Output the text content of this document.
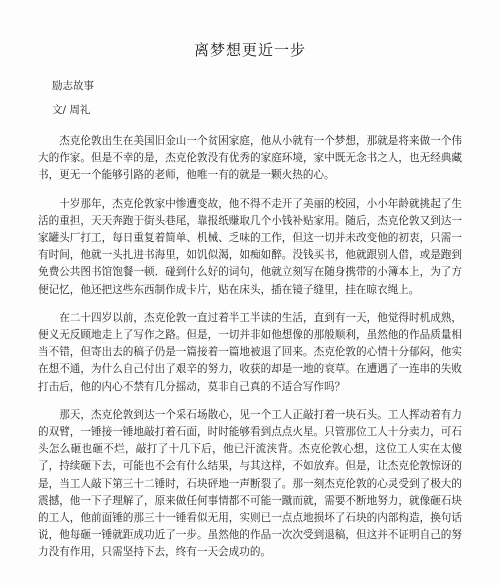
离梦想更近一步
励志故事
文/ 周礼

杰克伦敦出生在美国旧金山一个贫困家庭，他从小就有一个梦想，那就是将来做一个伟大的作家。但是不幸的是，杰克伦敦没有优秀的家庭环境，家中既无念书之人，也无经典藏书，更无一个能够引路的老师，他唯一有的就是一颗火热的心。

十岁那年，杰克伦敦家中惨遭变故，他不得不走开了美丽的校园，小小年龄就挑起了生活的重担，天天奔跑于街头巷尾，靠报纸赚取几个小钱补贴家用。随后，杰克伦敦又到达一家罐头厂打工，每日重复着简单、机械、乏味的工作，但这一切并未改变他的初衷，只需一有时间，他就一头扎进书海里，如饥似渴，如痴如醉。没钱买书，他就跟别人借，或是跑到免费公共图书馆饱餐一顿．碰到什么好的词句，他就立刻写在随身携带的小簿本上，为了方便记忆，他还把这些东西制作成卡片，贴在床头，插在镜子缝里，挂在晾衣绳上。

在二十四岁以前，杰克伦敦一直过着半工半读的生活，直到有一天，他觉得时机成熟，便义无反顾地走上了写作之路。但是，一切并非如他想像的那般顺利，虽然他的作品质量相当不错，但寄出去的稿子仍是一篇接着一篇地被退了回来。杰克伦敦的心情十分郁闷，他实在想不通，为什么自己付出了艰辛的努力，收获的却是一地的衰草。在遭遇了一连串的失败打击后，他的内心不禁有几分摇动，莫非自己真的不适合写作吗？

那天，杰克伦敦到达一个采石场散心，见一个工人正敲打着一块石头。工人挥动着有力的双臂，一锤接一锤地敲打着石面，时时能够看到点点火星。只管那位工人十分卖力，可石头怎么砸也砸不烂，敲打了十几下后，他已汗流浃背。杰克伦敦心想，这位工人实在太傻了，持续砸下去，可能也不会有什么结果，与其这样，不如放弃。但是，让杰克伦敦惊讶的是，当工人敲下第三十二锤时，石块砰地一声断裂了。那一刻杰克伦敦的心灵受到了极大的震撼，他一下子理解了，原来做任何事情都不可能一蹴而就，需要不断地努力，就像砸石块的工人，他前面锤的那三十一锤看似无用，实则已一点点地损坏了石块的内部构造，换句话说，他每砸一锤就距成功近了一步。虽然他的作品一次次受到退稿，但这并不证明自己的努力没有作用，只需坚持下去，终有一天会成功的。
